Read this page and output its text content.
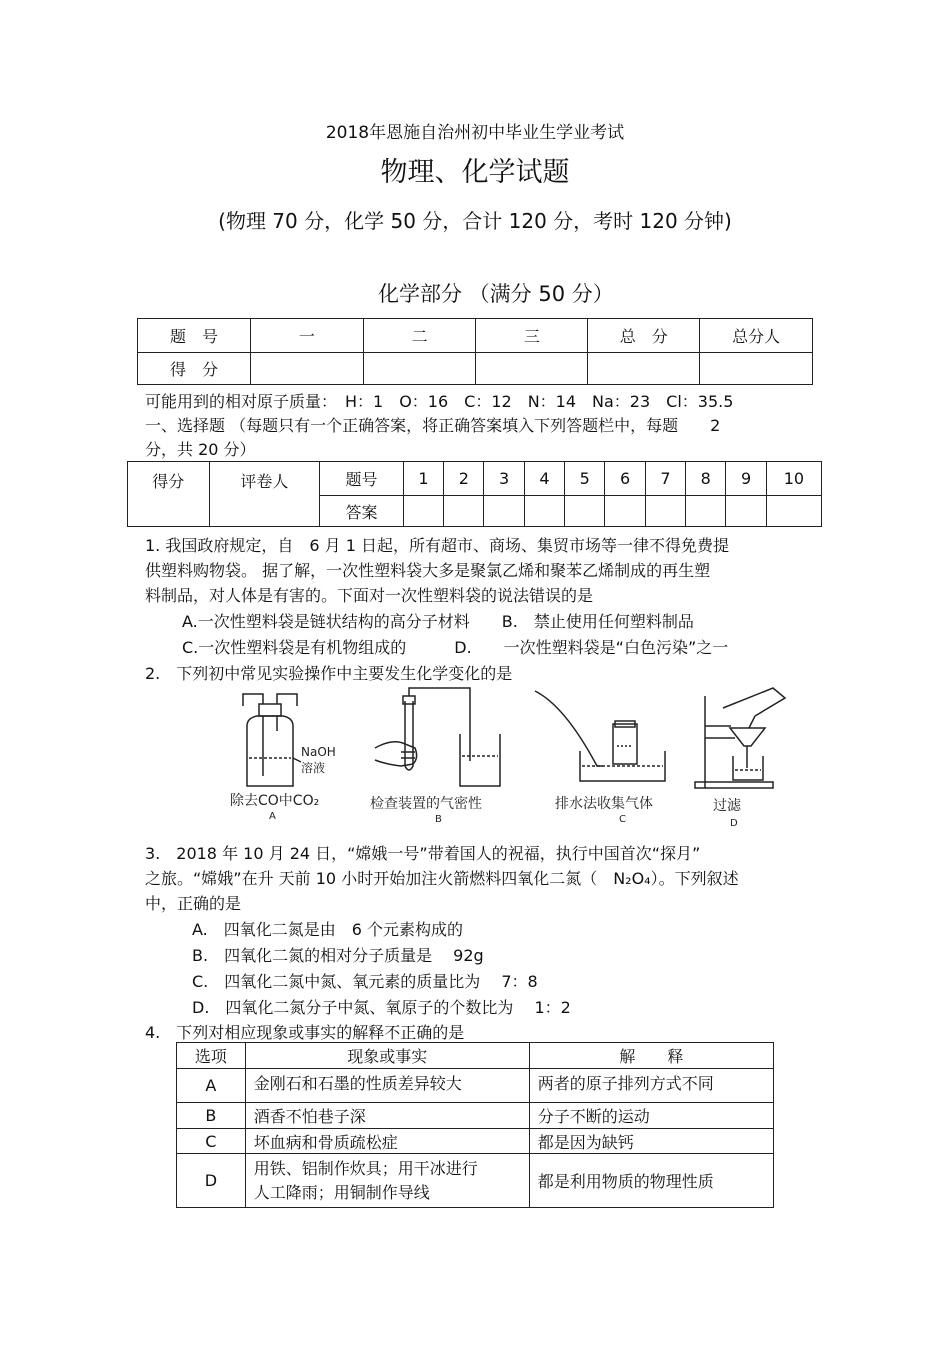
2018年恩施自治州初中毕业生学业考试
物理、化学试题
(物理 70 分，化学 50 分，合计 120 分，考时 120 分钟)
化学部分 （满分 50 分）
题　号	一	二	三	总　分	总分人
得　分					
可能用到的相对原子质量：　H：1　O：16　C：12　N：14　Na：23　Cl：35.5
一、选择题 （每题只有一个正确答案，将正确答案填入下列答题栏中，每题　　2
分，共 20 分）
得分	评卷人	题号	1	2	3	4	5	6	7	8	9	10
		答案										
1. 我国政府规定，自　6 月 1 日起，所有超市、商场、集贸市场等一律不得免费提
供塑料购物袋。 据了解，一次性塑料袋大多是聚氯乙烯和聚苯乙烯制成的再生塑
料制品，对人体是有害的。下面对一次性塑料袋的说法错误的是
A.一次性塑料袋是链状结构的高分子材料　　B.　禁止使用任何塑料制品
C.一次性塑料袋是有机物组成的　　　D.　　一次性塑料袋是“白色污染”之一
2.　下列初中常见实验操作中主要发生化学变化的是
NaOH
溶液
除去CO中CO₂	检查装置的气密性	排水法收集气体	过滤
A	B	C	D
3.　2018 年 10 月 24 日，“嫦娥一号”带着国人的祝福，执行中国首次“探月”
之旅。“嫦娥”在升 天前 10 小时开始加注火箭燃料四氧化二氮（　N₂O₄）。下列叙述
中，正确的是
A.　四氧化二氮是由　6 个元素构成的
B.　四氧化二氮的相对分子质量是　 92g
C.　四氧化二氮中氮、氧元素的质量比为　 7：8
D.　四氧化二氮分子中氮、氧原子的个数比为　 1：2
4.　下列对相应现象或事实的解释不正确的是
选项	现象或事实	解　　释
A	金刚石和石墨的性质差异较大	两者的原子排列方式不同
B	酒香不怕巷子深	分子不断的运动
C	坏血病和骨质疏松症	都是因为缺钙
D	用铁、铝制作炊具；用干冰进行
人工降雨；用铜制作导线	都是利用物质的物理性质
